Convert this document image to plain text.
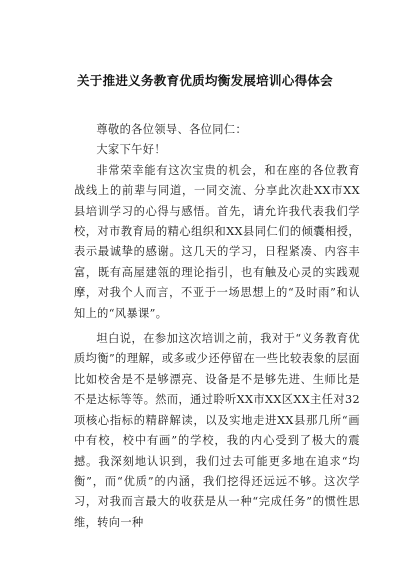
关于推进义务教育优质均衡发展培训心得体会

尊敬的各位领导、各位同仁：

大家下午好！

非常荣幸能有这次宝贵的机会，和在座的各位教育战线上的前辈与同道，一同交流、分享此次赴XX市XX县培训学习的心得与感悟。首先，请允许我代表我们学校，对市教育局的精心组织和XX县同仁们的倾囊相授，表示最诚挚的感谢。这几天的学习，日程紧凑、内容丰富，既有高屋建瓴的理论指引，也有触及心灵的实践观摩，对我个人而言，不亚于一场思想上的“及时雨”和认知上的“风暴课”。

坦白说，在参加这次培训之前，我对于“义务教育优质均衡”的理解，或多或少还停留在一些比较表象的层面比如校舍是不是够漂亮、设备是不是够先进、生师比是不是达标等等。然而，通过聆听XX市XX区XX主任对32项核心指标的精辟解读，以及实地走进XX县那几所“画中有校，校中有画”的学校，我的内心受到了极大的震撼。我深刻地认识到，我们过去可能更多地在追求“均衡”，而“优质”的内涵，我们挖得还远远不够。这次学习，对我而言最大的收获是从一种“完成任务”的惯性思维，转向一种
